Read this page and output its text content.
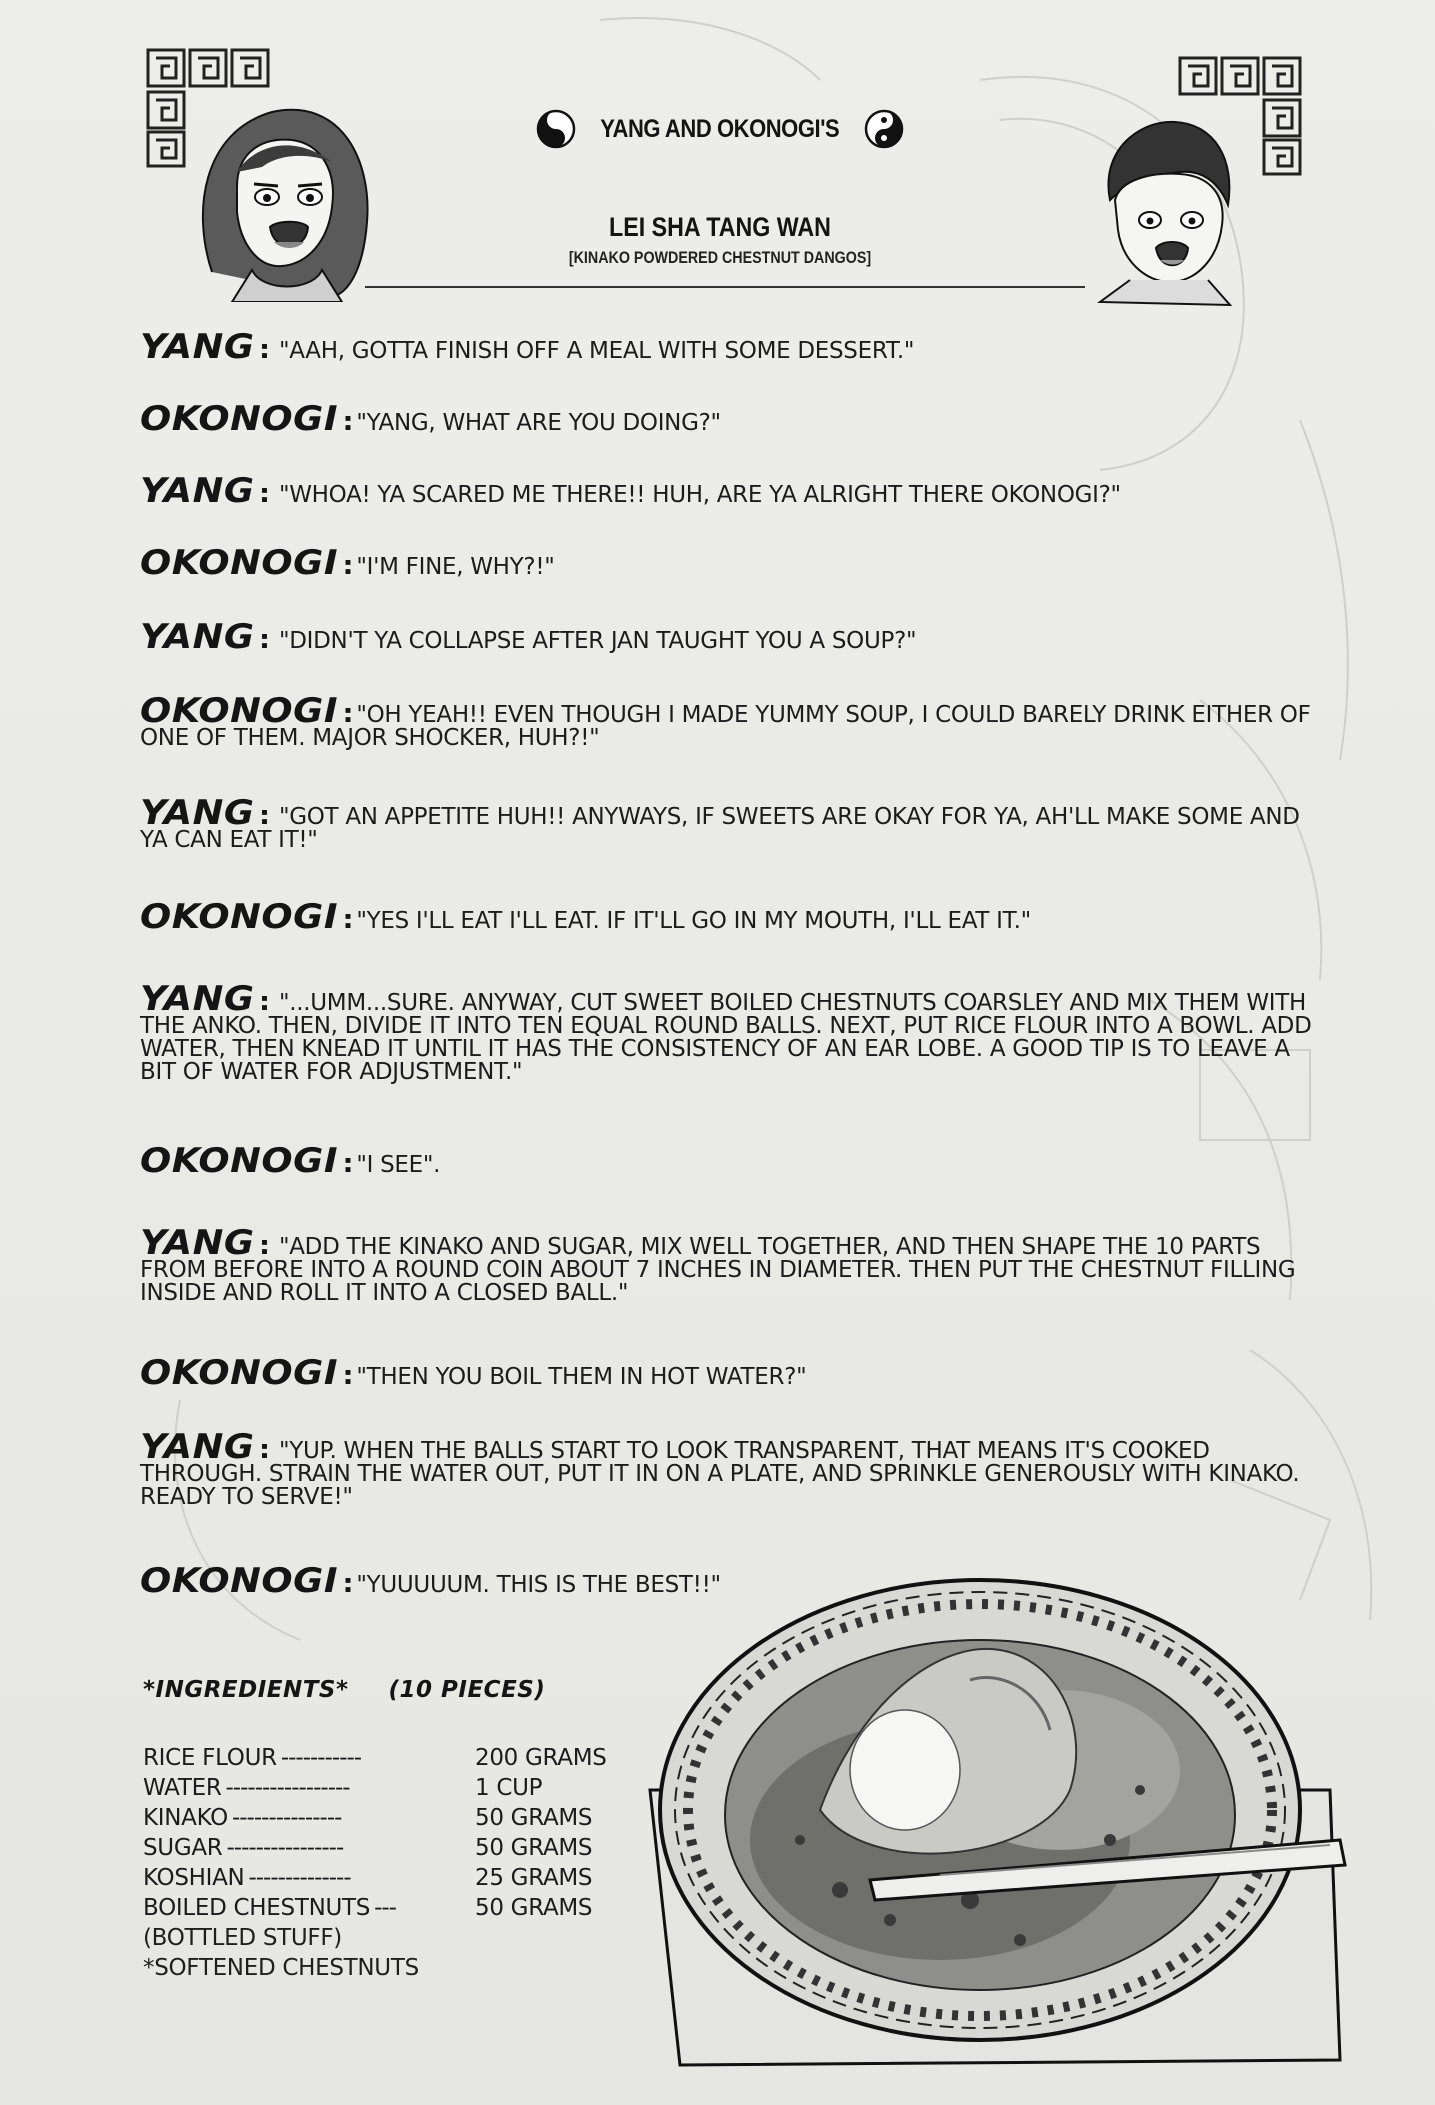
YANG AND OKONOGI'S
LEI SHA TANG WAN
[KINAKO POWDERED CHESTNUT DANGOS]
YANG : "AAH, GOTTA FINISH OFF A MEAL WITH SOME DESSERT."
OKONOGI : "YANG, WHAT ARE YOU DOING?"
YANG : "WHOA! YA SCARED ME THERE!! HUH, ARE YA ALRIGHT THERE OKONOGI?"
OKONOGI : "I'M FINE, WHY?!"
YANG : "DIDN'T YA COLLAPSE AFTER JAN TAUGHT YOU A SOUP?"
OKONOGI : "OH YEAH!! EVEN THOUGH I MADE YUMMY SOUP, I COULD BARELY DRINK EITHER OF ONE OF THEM. MAJOR SHOCKER, HUH?!"
YANG : "GOT AN APPETITE HUH!! ANYWAYS, IF SWEETS ARE OKAY FOR YA, AH'LL MAKE SOME AND YA CAN EAT IT!"
OKONOGI : "YES I'LL EAT I'LL EAT. IF IT'LL GO IN MY MOUTH, I'LL EAT IT."
YANG : "...UMM...SURE. ANYWAY, CUT SWEET BOILED CHESTNUTS COARSLEY AND MIX THEM WITH THE ANKO. THEN, DIVIDE IT INTO TEN EQUAL ROUND BALLS. NEXT, PUT RICE FLOUR INTO A BOWL. ADD WATER, THEN KNEAD IT UNTIL IT HAS THE CONSISTENCY OF AN EAR LOBE. A GOOD TIP IS TO LEAVE A BIT OF WATER FOR ADJUSTMENT."
OKONOGI : "I SEE".
YANG : "ADD THE KINAKO AND SUGAR, MIX WELL TOGETHER, AND THEN SHAPE THE 10 PARTS FROM BEFORE INTO A ROUND COIN ABOUT 7 INCHES IN DIAMETER. THEN PUT THE CHESTNUT FILLING INSIDE AND ROLL IT INTO A CLOSED BALL."
OKONOGI : "THEN YOU BOIL THEM IN HOT WATER?"
YANG : "YUP. WHEN THE BALLS START TO LOOK TRANSPARENT, THAT MEANS IT'S COOKED THROUGH. STRAIN THE WATER OUT, PUT IT IN ON A PLATE, AND SPRINKLE GENEROUSLY WITH KINAKO. READY TO SERVE!"
OKONOGI : "YUUUUUM. THIS IS THE BEST!!"
*INGREDIENTS* (10 PIECES)
RICE FLOUR -----------	200 GRAMS
WATER -----------------	1 CUP
KINAKO ---------------	50 GRAMS
SUGAR ----------------	50 GRAMS
KOSHIAN --------------	25 GRAMS
BOILED CHESTNUTS ---	50 GRAMS
(BOTTLED STUFF)
*SOFTENED CHESTNUTS
